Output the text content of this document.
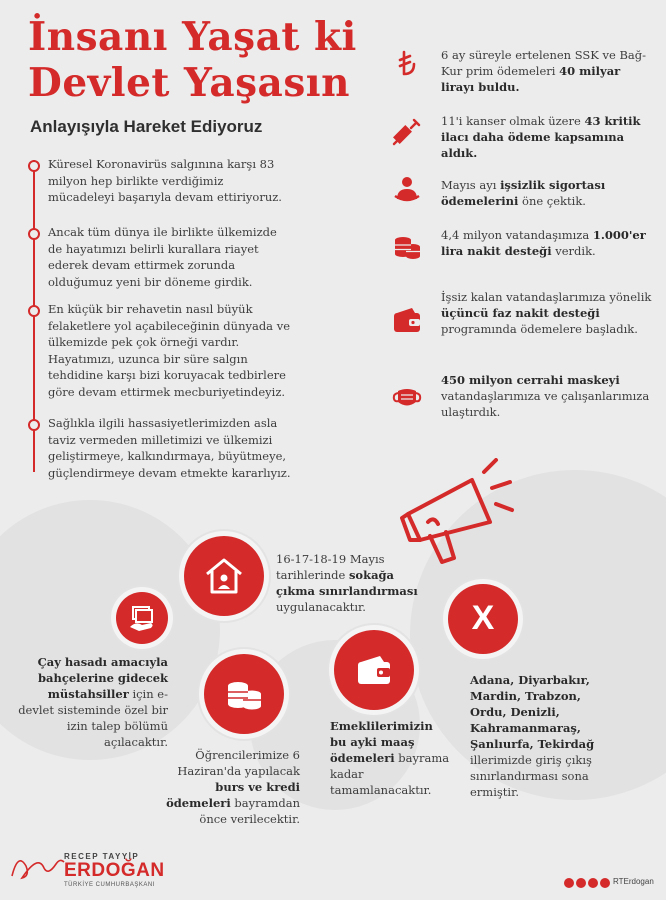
İnsanı Yaşat ki
Devlet Yaşasın
Anlayışıyla Hareket Ediyoruz
Küresel Koronavirüs salgınına karşı 83 milyon hep birlikte verdiğimiz mücadeleyi başarıyla devam ettiriyoruz.
Ancak tüm dünya ile birlikte ülkemizde de hayatımızı belirli kurallara riayet ederek devam ettirmek zorunda olduğumuz yeni bir döneme girdik.
En küçük bir rehavetin nasıl büyük felaketlere yol açabileceğinin dünyada ve ülkemizde pek çok örneği vardır. Hayatımızı, uzunca bir süre salgın tehdidine karşı bizi koruyacak tedbirlere göre devam ettirmek mecburiyetindeyiz.
Sağlıkla ilgili hassasiyetlerimizden asla taviz vermeden milletimizi ve ülkemizi geliştirmeye, kalkındırmaya, büyütmeye, güçlendirmeye devam etmekte kararlıyız.
6 ay süreyle ertelenen SSK ve Bağ-Kur prim ödemeleri 40 milyar lirayı buldu.
11'i kanser olmak üzere 43 kritik ilacı daha ödeme kapsamına aldık.
Mayıs ayı işsizlik sigortası ödemelerini öne çektik.
4,4 milyon vatandaşımıza 1.000'er lira nakit desteği verdik.
İşsiz kalan vatandaşlarımıza yönelik üçüncü faz nakit desteği programında ödemelere başladık.
450 milyon cerrahi maskeyi vatandaşlarımıza ve çalışanlarımıza ulaştırdık.
16-17-18-19 Mayıs tarihlerinde sokağa çıkma sınırlandırması uygulanacaktır.
Çay hasadı amacıyla bahçelerine gidecek müstahsiller için e-devlet sisteminde özel bir izin talep bölümü açılacaktır.
Öğrencilerimize 6 Haziran'da yapılacak burs ve kredi ödemeleri bayramdan önce verilecektir.
Emeklilerimizin bu ayki maaş ödemeleri bayrama kadar tamamlanacaktır.
X
Adana, Diyarbakır, Mardin, Trabzon, Ordu, Denizli, Kahramanmaraş, Şanlıurfa, Tekirdağ illerimizde giriş çıkış sınırlandırması sona ermiştir.
RECEP TAYYİP
ERDOĞAN
TÜRKİYE CUMHURBAŞKANI	RTErdogan
